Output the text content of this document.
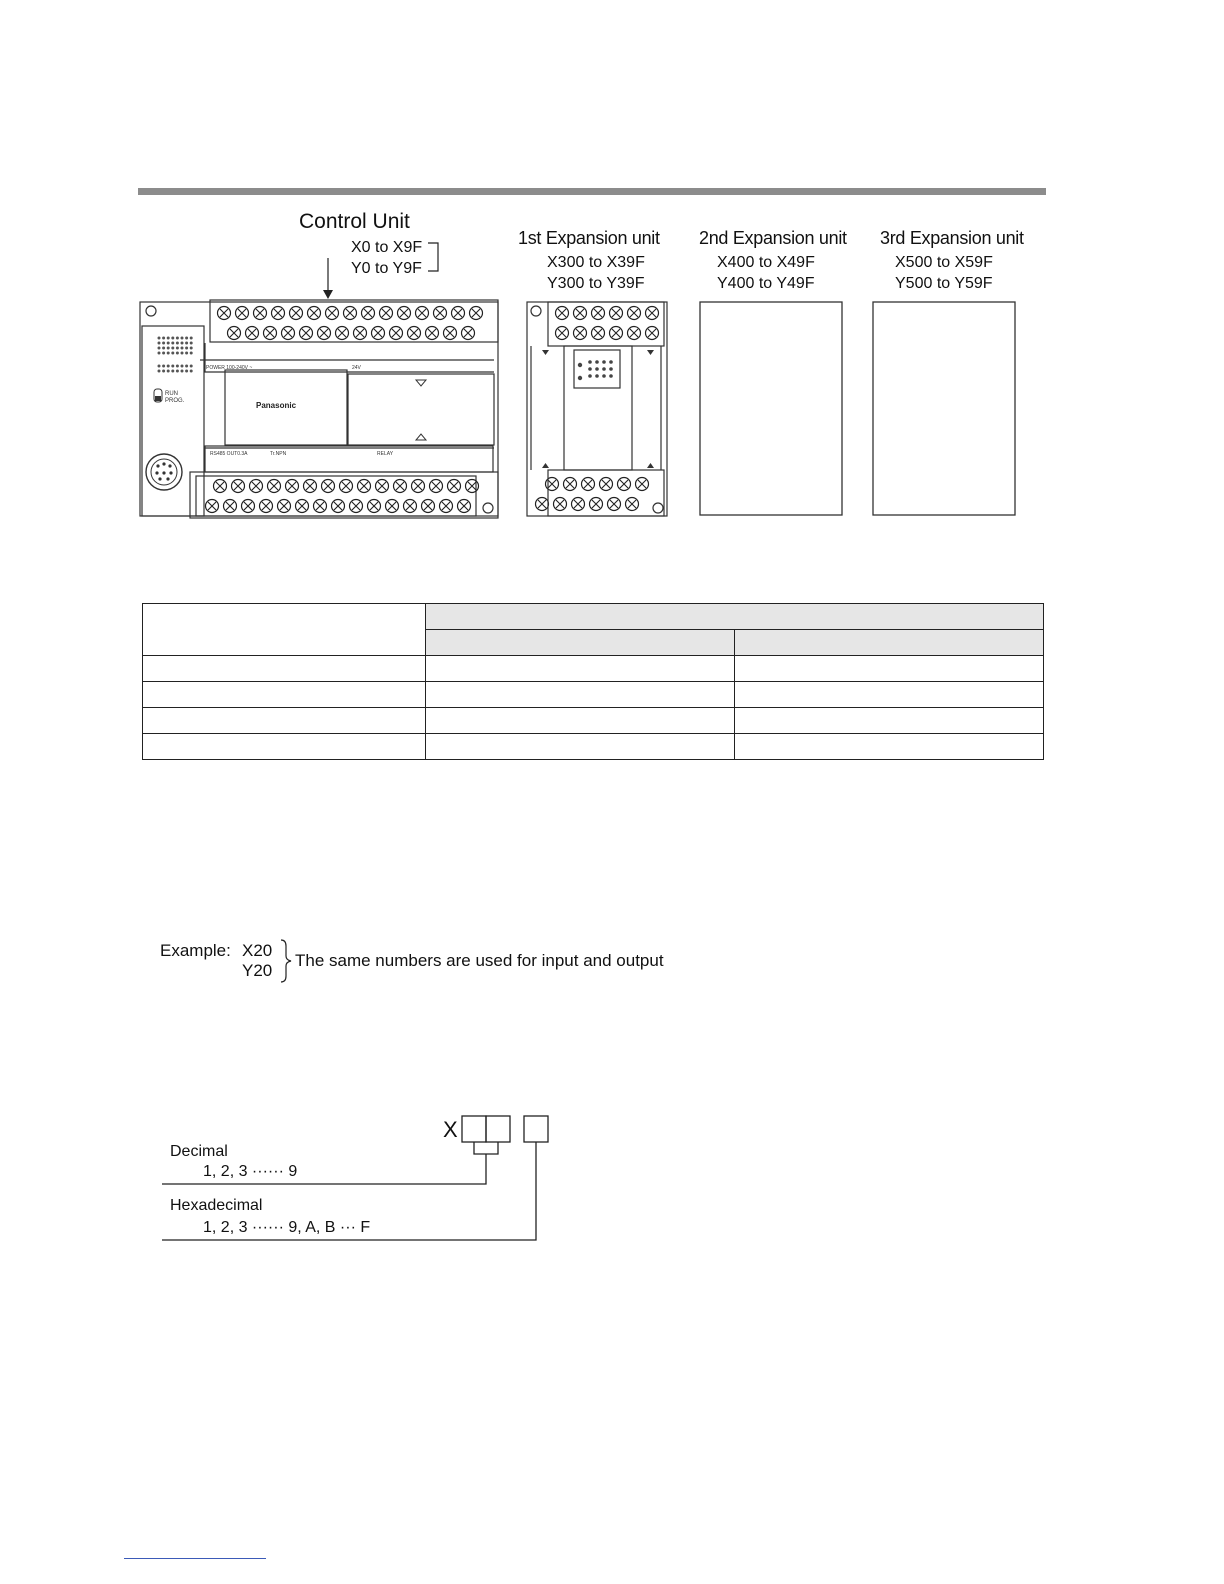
Control Unit
X0 to X9F
Y0 to Y9F
1st Expansion unit
X300 to X39F
Y300 to Y39F
2nd Expansion unit
X400 to X49F
Y400 to Y49F
3rd Expansion unit
X500 to X59F
Y500 to Y59F
RUN
PROG.	Panasonic
POWER 100-240V ~	24V
RS485 OUT0.3A	Tr.NPN	RELAY

Example: X20
Y20
The same numbers are used for input and output
X
Decimal
1, 2, 3 ······ 9
Hexadecimal
1, 2, 3 ······ 9, A, B ··· F
